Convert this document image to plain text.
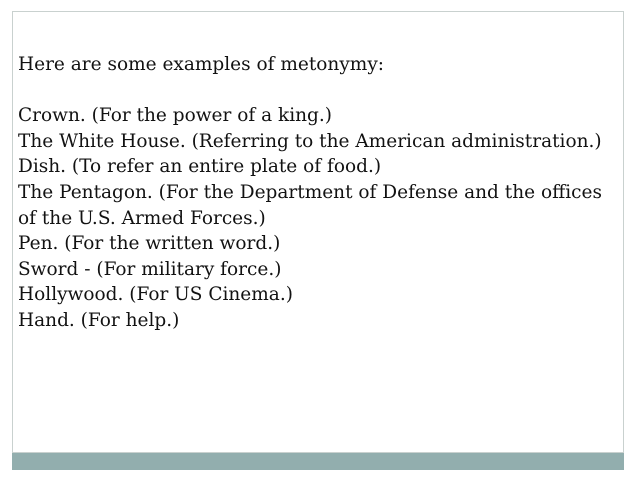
Here are some examples of metonymy:

Crown. (For the power of a king.)
The White House. (Referring to the American administration.)
Dish. (To refer an entire plate of food.)
The Pentagon. (For the Department of Defense and the offices of the U.S. Armed Forces.)
Pen. (For the written word.)
Sword - (For military force.)
Hollywood. (For US Cinema.)
Hand. (For help.)
